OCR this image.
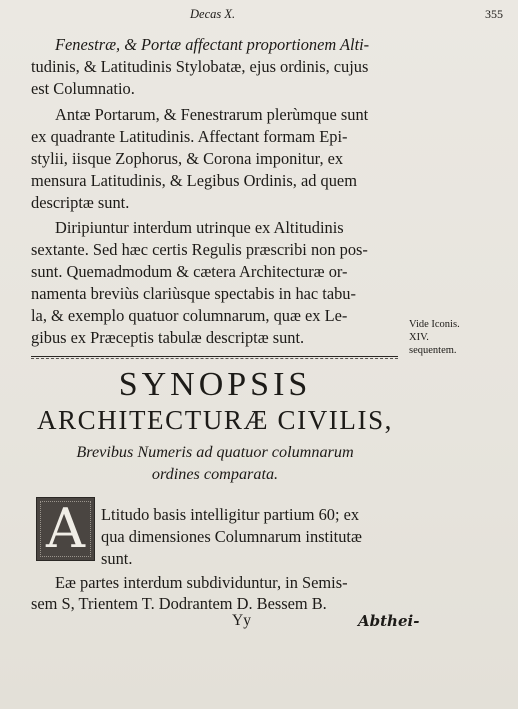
Decas X.	355
Fenestræ, & Portæ affectant proportionem Alti-
tudinis, & Latitudinis Stylobatæ, ejus ordinis, cujus
est Columnatio.
Antæ Portarum, & Fenestrarum plerùmque sunt
ex quadrante Latitudinis. Affectant formam Epi-
stylii, iisque Zophorus, & Corona imponitur, ex
mensura Latitudinis, & Legibus Ordinis, ad quem
descriptæ sunt.
Diripiuntur interdum utrinque ex Altitudinis
sextante. Sed hæc certis Regulis præscribi non pos-
sunt. Quemadmodum & cætera Architecturæ or-
namenta breviùs clariùsque spectabis in hac tabu-
la, & exemplo quatuor columnarum, quæ ex Le-
gibus ex Præceptis tabulæ descriptæ sunt.
Vide Iconis. XIV. sequentem.
SYNOPSIS
ARCHITECTURÆ CIVILIS,
Brevibus Numeris ad quatuor columnarum
ordines comparata.
A Ltitudo basis intelligitur partium 60; ex
qua dimensiones Columnarum institutæ
sunt.
Eæ partes interdum subdividuntur, in Semis-
sem S, Trientem T. Dodrantem D. Bessem B.
Yy	Abthei-
